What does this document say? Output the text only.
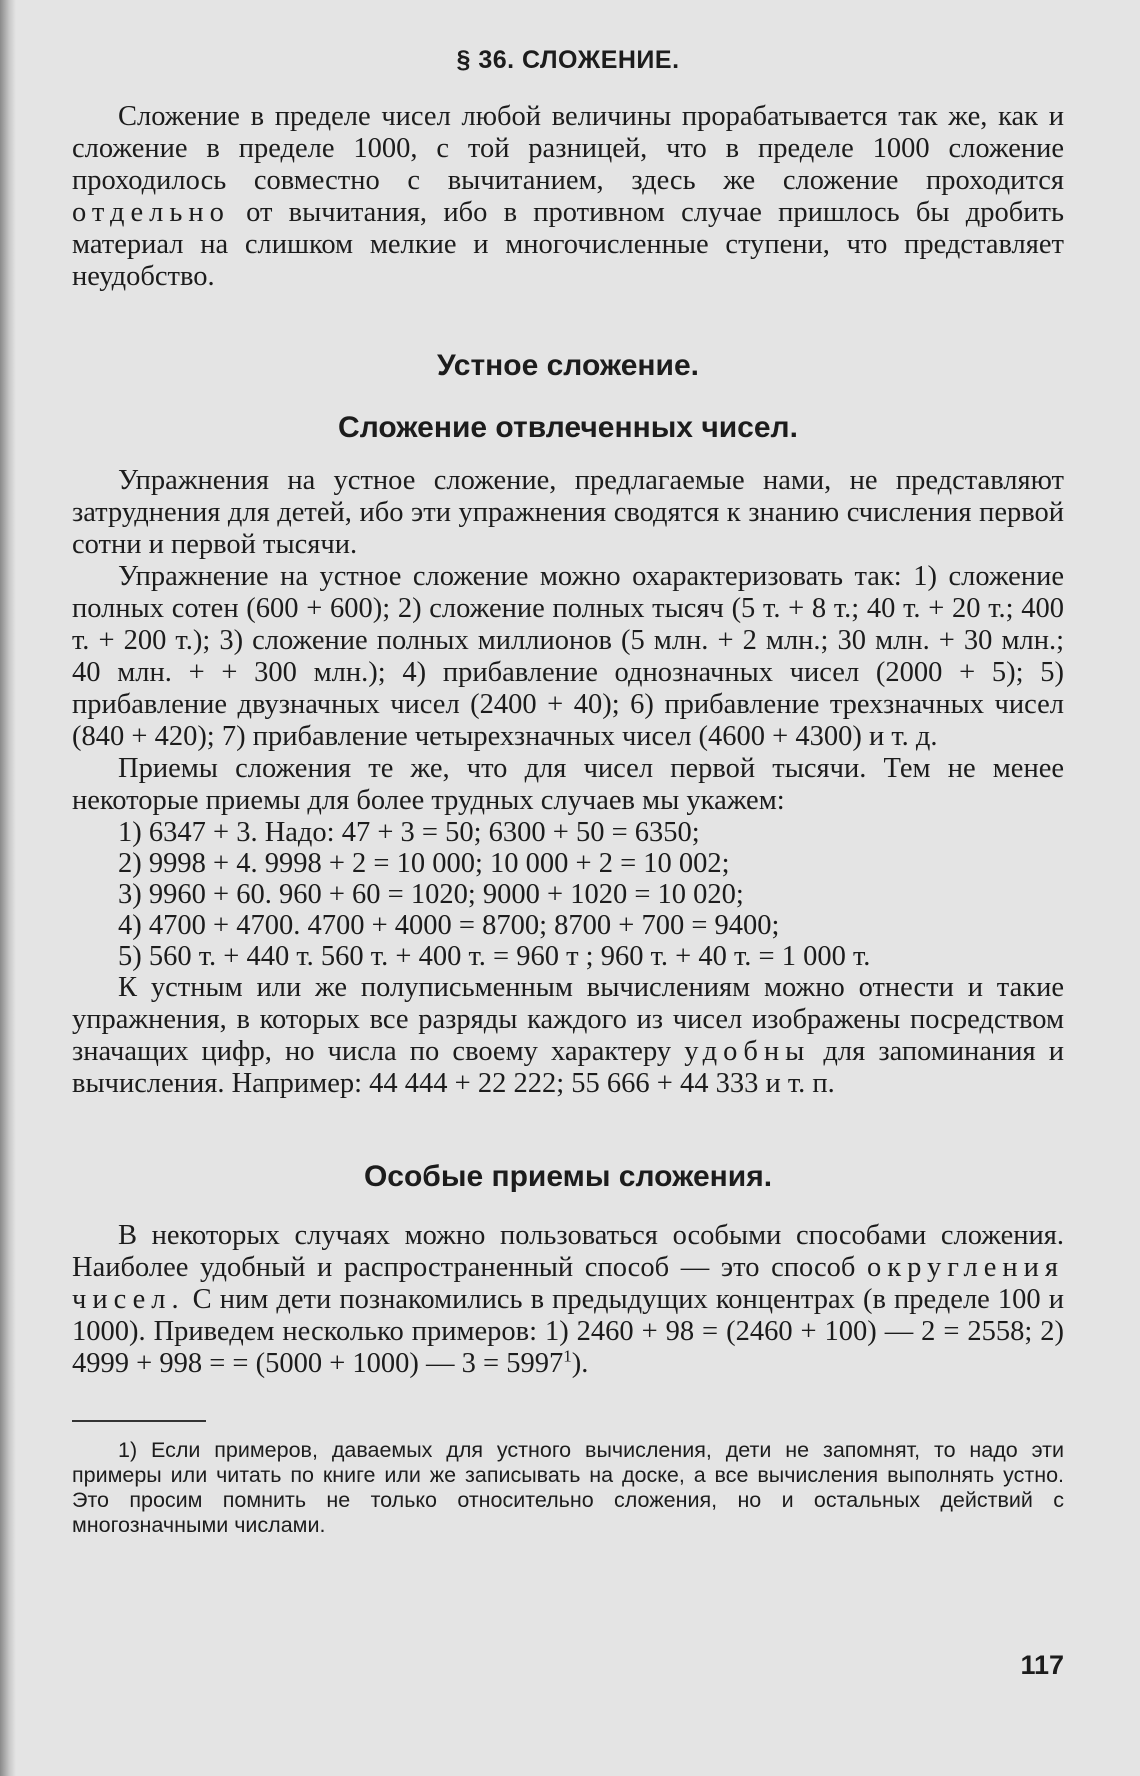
§ 36. СЛОЖЕНИЕ.

Сложение в пределе чисел любой величины прорабатывается так же, как и сложение в пределе 1000, с той разницей, что в пределе 1000 сложение проходилось совместно с вычитанием, здесь же сложение проходится отдельно от вычитания, ибо в противном случае пришлось бы дробить материал на слишком мелкие и многочисленные ступени, что представляет неудобство.

Устное сложение.
Сложение отвлеченных чисел.

Упражнения на устное сложение, предлагаемые нами, не представляют затруднения для детей, ибо эти упражнения сводятся к знанию счисления первой сотни и первой тысячи.

Упражнение на устное сложение можно охарактеризовать так: 1) сложение полных сотен (600 + 600); 2) сложение полных тысяч (5 т. + 8 т.; 40 т. + 20 т.; 400 т. + 200 т.); 3) сложение полных миллионов (5 млн. + 2 млн.; 30 млн. + 30 млн.; 40 млн. + + 300 млн.); 4) прибавление однозначных чисел (2000 + 5); 5) прибавление двузначных чисел (2400 + 40); 6) прибавление трехзначных чисел (840 + 420); 7) прибавление четырехзначных чисел (4600 + 4300) и т. д.

Приемы сложения те же, что для чисел первой тысячи. Тем не менее некоторые приемы для более трудных случаев мы укажем:

1) 6347 + 3. Надо: 47 + 3 = 50; 6300 + 50 = 6350;
2) 9998 + 4. 9998 + 2 = 10 000; 10 000 + 2 = 10 002;
3) 9960 + 60. 960 + 60 = 1020; 9000 + 1020 = 10 020;
4) 4700 + 4700. 4700 + 4000 = 8700; 8700 + 700 = 9400;
5) 560 т. + 440 т. 560 т. + 400 т. = 960 т ; 960 т. + 40 т. = 1 000 т.

К устным или же полуписьменным вычислениям можно отнести и такие упражнения, в которых все разряды каждого из чисел изображены посредством значащих цифр, но числа по своему характеру удобны для запоминания и вычисления. Например: 44 444 + 22 222; 55 666 + 44 333 и т. п.

Особые приемы сложения.

В некоторых случаях можно пользоваться особыми способами сложения. Наиболее удобный и распространенный способ — это способ округления чисел. С ним дети познакомились в предыдущих концентрах (в пределе 100 и 1000). Приведем несколько примеров: 1) 2460 + 98 = (2460 + 100) — 2 = 2558; 2) 4999 + 998 = = (5000 + 1000) — $3 = 5997^1$).

1) Если примеров, даваемых для устного вычисления, дети не запомнят, то надо эти примеры или читать по книге или же записывать на доске, а все вычисления выполнять устно. Это просим помнить не только относительно сложения, но и остальных действий с многозначными числами.

117
